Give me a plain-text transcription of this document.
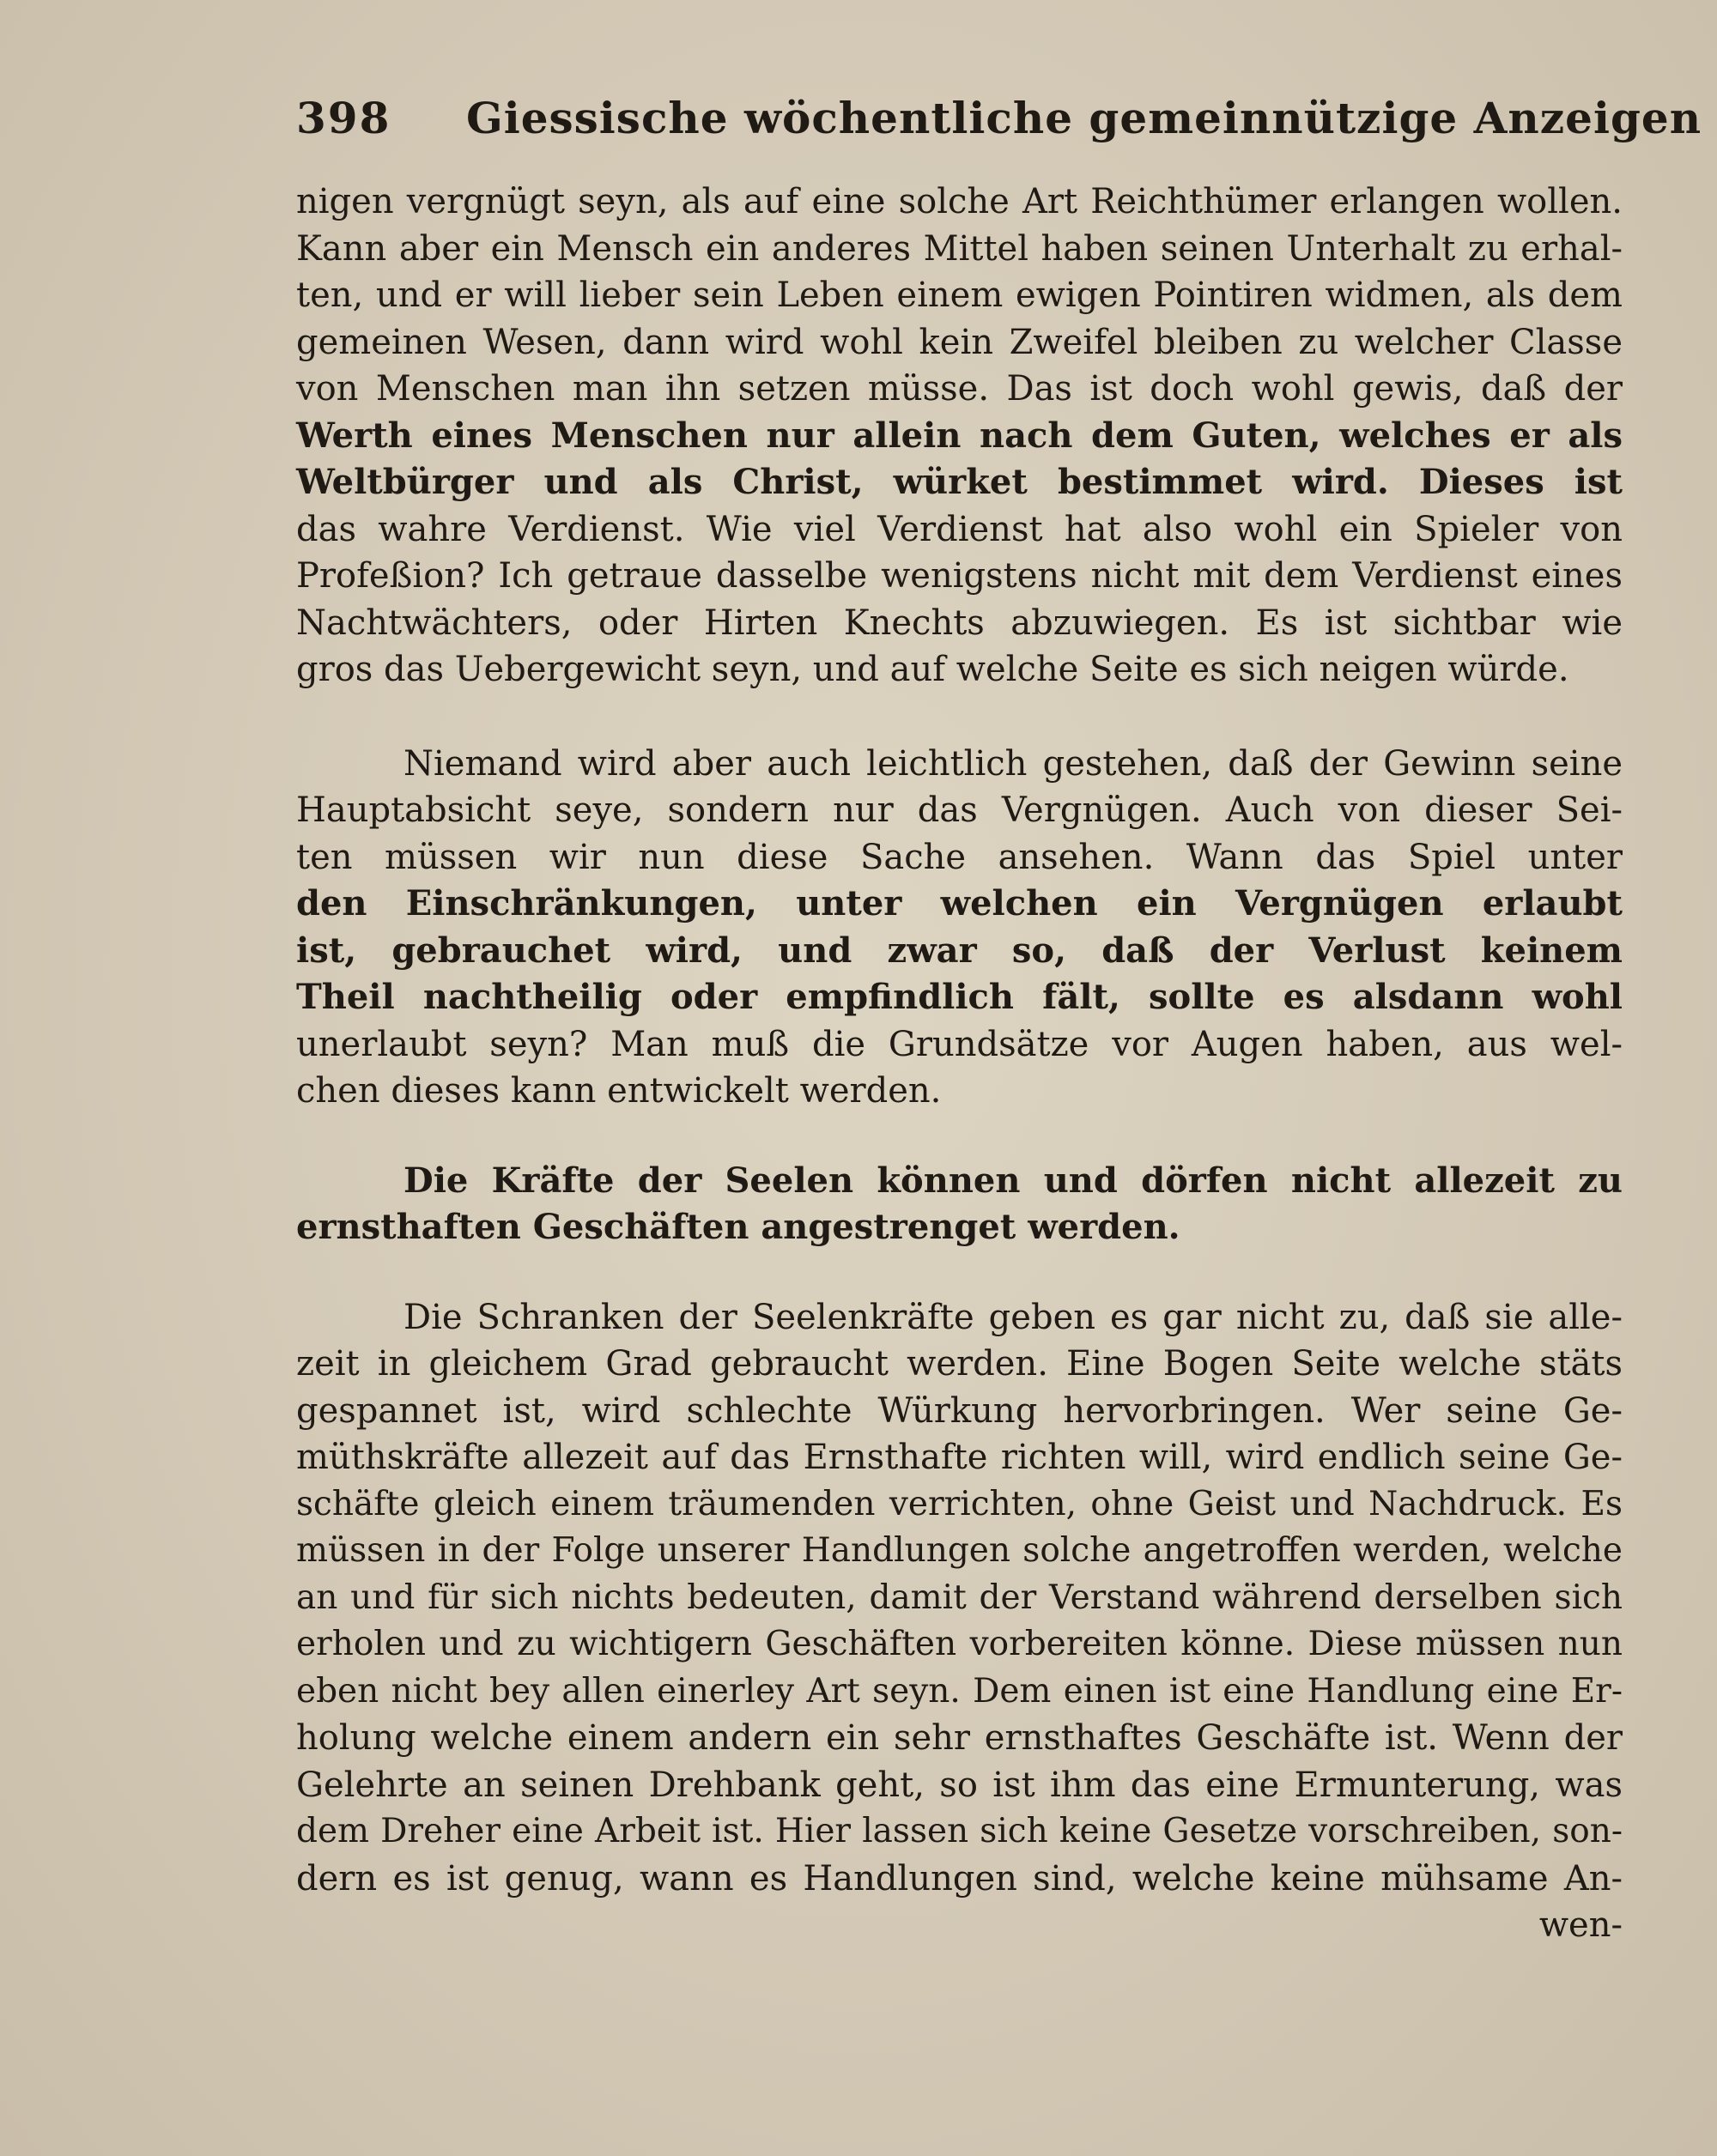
398 Giessische wöchentliche gemeinnützige Anzeigen
nigen vergnügt seyn, als auf eine solche Art Reichthümer erlangen wollen.
Kann aber ein Mensch ein anderes Mittel haben seinen Unterhalt zu erhal-
ten, und er will lieber sein Leben einem ewigen Pointiren widmen, als dem
gemeinen Wesen, dann wird wohl kein Zweifel bleiben zu welcher Classe
von Menschen man ihn setzen müsse. Das ist doch wohl gewis, daß der
Werth eines Menschen nur allein nach dem Guten, welches er als
Weltbürger und als Christ, würket bestimmet wird. Dieses ist
das wahre Verdienst. Wie viel Verdienst hat also wohl ein Spieler von
Profeßion? Ich getraue dasselbe wenigstens nicht mit dem Verdienst eines
Nachtwächters, oder Hirten Knechts abzuwiegen. Es ist sichtbar wie
gros das Uebergewicht seyn, und auf welche Seite es sich neigen würde.
Niemand wird aber auch leichtlich gestehen, daß der Gewinn seine
Hauptabsicht seye, sondern nur das Vergnügen. Auch von dieser Sei-
ten müssen wir nun diese Sache ansehen. Wann das Spiel unter
den Einschränkungen, unter welchen ein Vergnügen erlaubt
ist, gebrauchet wird, und zwar so, daß der Verlust keinem
Theil nachtheilig oder empfindlich fält, sollte es alsdann wohl
unerlaubt seyn? Man muß die Grundsätze vor Augen haben, aus wel-
chen dieses kann entwickelt werden.
Die Kräfte der Seelen können und dörfen nicht allezeit zu
ernsthaften Geschäften angestrenget werden.
Die Schranken der Seelenkräfte geben es gar nicht zu, daß sie alle-
zeit in gleichem Grad gebraucht werden. Eine Bogen Seite welche stäts
gespannet ist, wird schlechte Würkung hervorbringen. Wer seine Ge-
müthskräfte allezeit auf das Ernsthafte richten will, wird endlich seine Ge-
schäfte gleich einem träumenden verrichten, ohne Geist und Nachdruck. Es
müssen in der Folge unserer Handlungen solche angetroffen werden, welche
an und für sich nichts bedeuten, damit der Verstand während derselben sich
erholen und zu wichtigern Geschäften vorbereiten könne. Diese müssen nun
eben nicht bey allen einerley Art seyn. Dem einen ist eine Handlung eine Er-
holung welche einem andern ein sehr ernsthaftes Geschäfte ist. Wenn der
Gelehrte an seinen Drehbank geht, so ist ihm das eine Ermunterung, was
dem Dreher eine Arbeit ist. Hier lassen sich keine Gesetze vorschreiben, son-
dern es ist genug, wann es Handlungen sind, welche keine mühsame An-
wen-
